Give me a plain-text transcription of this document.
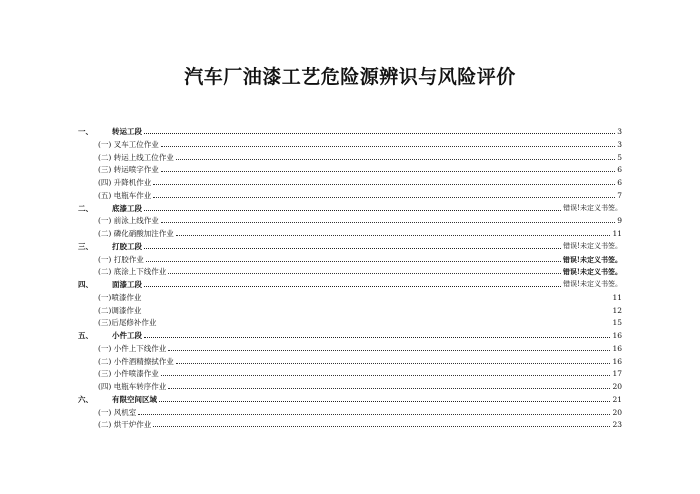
汽车厂油漆工艺危险源辨识与风险评价
一、	转运工段	3
(一) 叉车工位作业	3
(二) 转运上线工位作业	5
(三) 转运喷字作业	6
(四) 升降机作业	6
(五) 电瓶车作业	7
二、	底漆工段	错误!未定义书签。
(一) 前泳上线作业	9
(二) 磷化硝酸加注作业	11
三、	打胶工段	错误!未定义书签。
(一) 打胶作业	错误!未定义书签。
(二) 底涂上下线作业	错误!未定义书签。
四、	面漆工段	错误!未定义书签。
(一)喷漆作业	11
(二)调漆作业	12
(三)后尾修补作业	15
五、	小件工段	16
(一) 小件上下线作业	16
(二) 小件酒精擦拭作业	16
(三) 小件喷漆作业	17
(四) 电瓶车转序作业	20
六、	有限空间区域	21
(一) 风机室	20
(二) 烘干炉作业	23
